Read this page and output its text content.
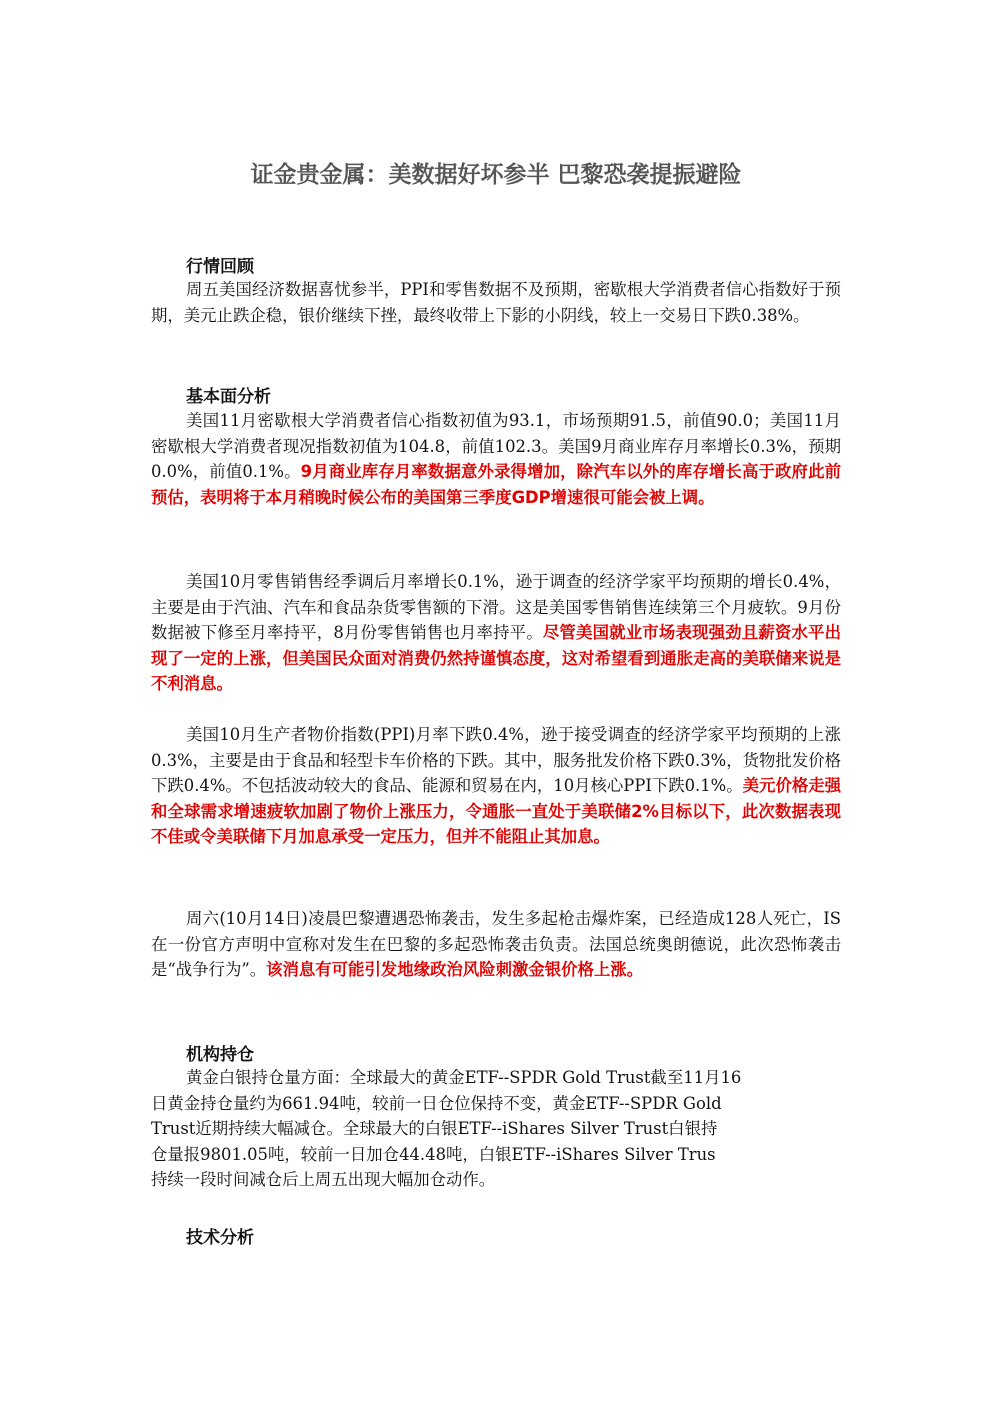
证金贵金属：美数据好坏参半 巴黎恐袭提振避险
行情回顾
周五美国经济数据喜忧参半，PPI和零售数据不及预期，密歇根大学消费者信心指数好于预期，美元止跌企稳，银价继续下挫，最终收带上下影的小阴线，较上一交易日下跌0.38%。
基本面分析
美国11月密歇根大学消费者信心指数初值为93.1，市场预期91.5，前值90.0；美国11月密歇根大学消费者现况指数初值为104.8，前值102.3。美国9月商业库存月率增长0.3%，预期0.0%，前值0.1%。9月商业库存月率数据意外录得增加，除汽车以外的库存增长高于政府此前预估，表明将于本月稍晚时候公布的美国第三季度GDP增速很可能会被上调。
美国10月零售销售经季调后月率增长0.1%，逊于调查的经济学家平均预期的增长0.4%，主要是由于汽油、汽车和食品杂货零售额的下滑。这是美国零售销售连续第三个月疲软。9月份数据被下修至月率持平，8月份零售销售也月率持平。尽管美国就业市场表现强劲且薪资水平出现了一定的上涨，但美国民众面对消费仍然持谨慎态度，这对希望看到通胀走高的美联储来说是不利消息。
美国10月生产者物价指数(PPI)月率下跌0.4%，逊于接受调查的经济学家平均预期的上涨0.3%，主要是由于食品和轻型卡车价格的下跌。其中，服务批发价格下跌0.3%，货物批发价格下跌0.4%。不包括波动较大的食品、能源和贸易在内，10月核心PPI下跌0.1%。美元价格走强和全球需求增速疲软加剧了物价上涨压力，令通胀一直处于美联储2%目标以下，此次数据表现不佳或令美联储下月加息承受一定压力，但并不能阻止其加息。
周六(10月14日)凌晨巴黎遭遇恐怖袭击，发生多起枪击爆炸案，已经造成128人死亡，IS在一份官方声明中宣称对发生在巴黎的多起恐怖袭击负责。法国总统奥朗德说，此次恐怖袭击是“战争行为”。该消息有可能引发地缘政治风险刺激金银价格上涨。
机构持仓
黄金白银持仓量方面：全球最大的黄金ETF--SPDR Gold Trust截至11月16
日黄金持仓量约为661.94吨，较前一日仓位保持不变，黄金ETF--SPDR Gold
Trust近期持续大幅减仓。全球最大的白银ETF--iShares Silver Trust白银持
仓量报9801.05吨，较前一日加仓44.48吨，白银ETF--iShares Silver Trus
持续一段时间减仓后上周五出现大幅加仓动作。
技术分析
